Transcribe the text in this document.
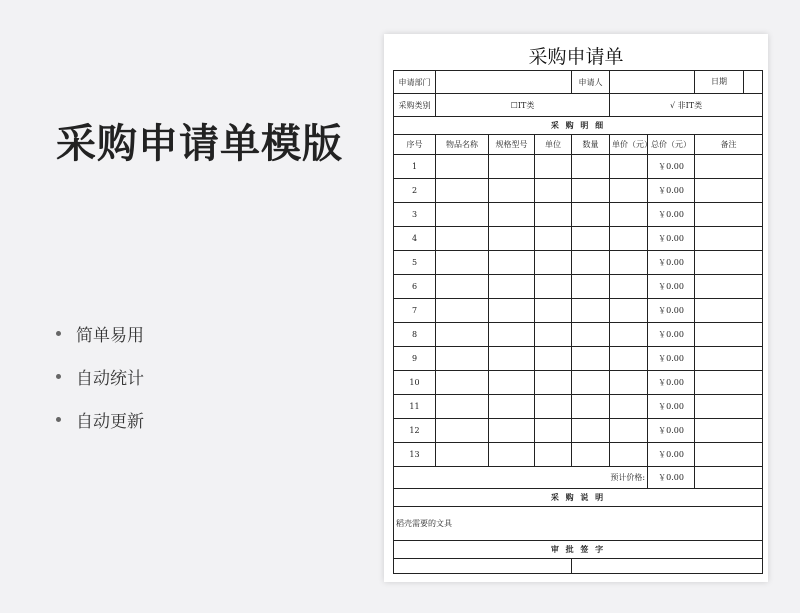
采购申请单模版
简单易用
自动统计
自动更新
采购申请单
申请部门				申请人			日期

采购类别	☐IT类				√ 非IT类		
采 购 明 细							
序号	物品名称	规格型号	单位	数量	单价（元）	总价（元）	备注
1						￥0.00	
2						￥0.00	
3						￥0.00	
4						￥0.00	
5						￥0.00	
6						￥0.00	
7						￥0.00	
8						￥0.00	
9						￥0.00	
10						￥0.00	
11						￥0.00	
12						￥0.00	
13						￥0.00	
预计价格:						￥0.00	
采 购 说 明							
稻壳需要的文具							
审 批 签 字							
